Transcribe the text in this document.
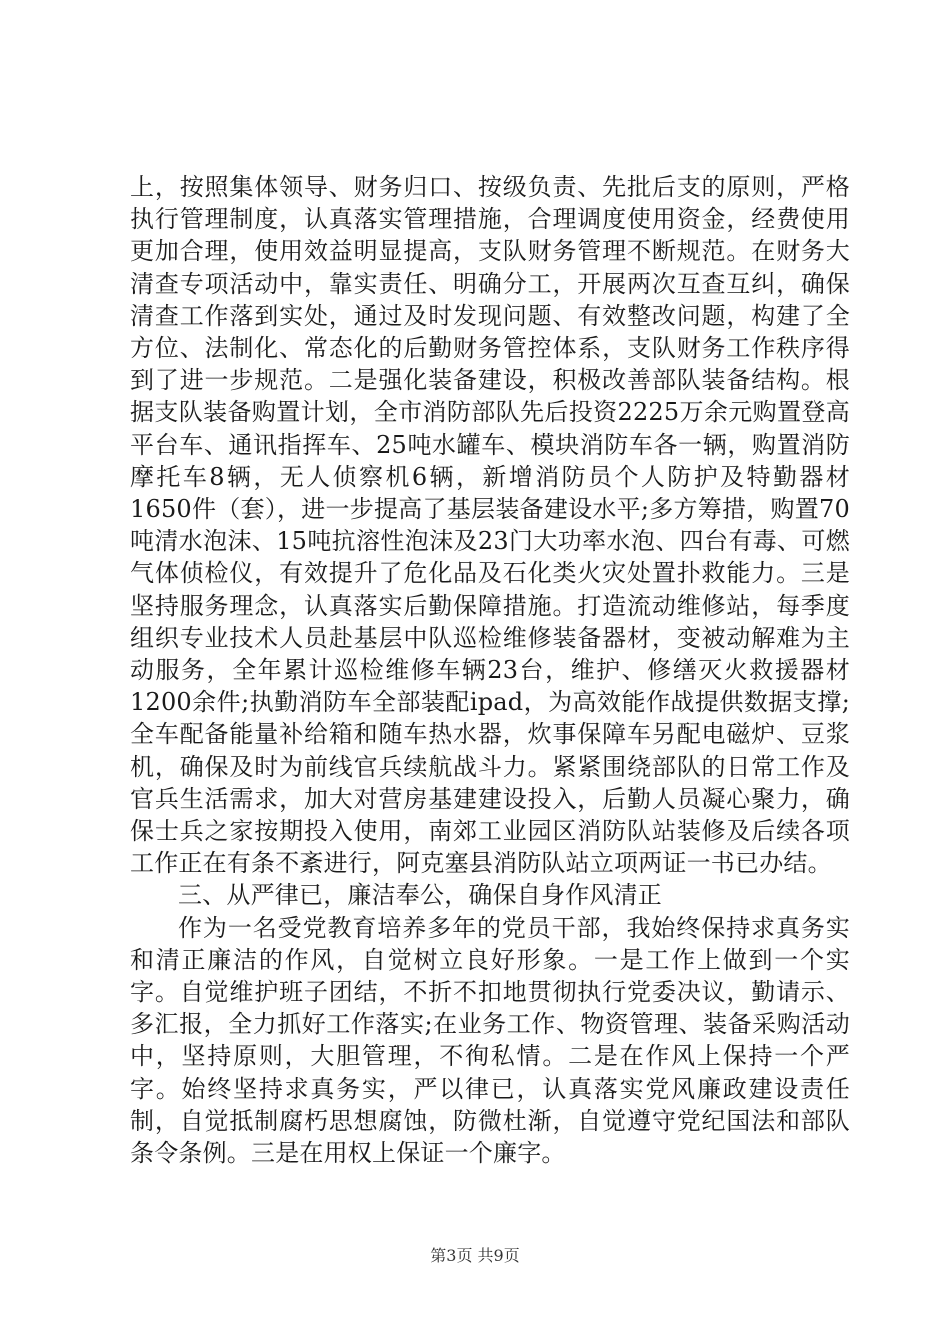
上，按照集体领导、财务归口、按级负责、先批后支的原则，严格执行管理制度，认真落实管理措施，合理调度使用资金，经费使用更加合理，使用效益明显提高，支队财务管理不断规范。在财务大清查专项活动中，靠实责任、明确分工，开展两次互查互纠，确保清查工作落到实处，通过及时发现问题、有效整改问题，构建了全方位、法制化、常态化的后勤财务管控体系，支队财务工作秩序得到了进一步规范。二是强化装备建设，积极改善部队装备结构。根据支队装备购置计划，全市消防部队先后投资2225万余元购置登高平台车、通讯指挥车、25吨水罐车、模块消防车各一辆，购置消防摩托车8辆，无人侦察机6辆，新增消防员个人防护及特勤器材1650件（套），进一步提高了基层装备建设水平;多方筹措，购置70吨清水泡沫、15吨抗溶性泡沫及23门大功率水泡、四台有毒、可燃气体侦检仪，有效提升了危化品及石化类火灾处置扑救能力。三是坚持服务理念，认真落实后勤保障措施。打造流动维修站，每季度组织专业技术人员赴基层中队巡检维修装备器材，变被动解难为主动服务，全年累计巡检维修车辆23台，维护、修缮灭火救援器材1200余件;执勤消防车全部装配ipad，为高效能作战提供数据支撑;全车配备能量补给箱和随车热水器，炊事保障车另配电磁炉、豆浆机，确保及时为前线官兵续航战斗力。紧紧围绕部队的日常工作及官兵生活需求，加大对营房基建建设投入，后勤人员凝心聚力，确保士兵之家按期投入使用，南郊工业园区消防队站装修及后续各项工作正在有条不紊进行，阿克塞县消防队站立项两证一书已办结。

三、从严律已，廉洁奉公，确保自身作风清正

作为一名受党教育培养多年的党员干部，我始终保持求真务实和清正廉洁的作风，自觉树立良好形象。一是工作上做到一个实字。自觉维护班子团结，不折不扣地贯彻执行党委决议，勤请示、多汇报，全力抓好工作落实;在业务工作、物资管理、装备采购活动中，坚持原则，大胆管理，不徇私情。二是在作风上保持一个严字。始终坚持求真务实，严以律已，认真落实党风廉政建设责任制，自觉抵制腐朽思想腐蚀，防微杜渐，自觉遵守党纪国法和部队条令条例。三是在用权上保证一个廉字。

第3页 共9页
